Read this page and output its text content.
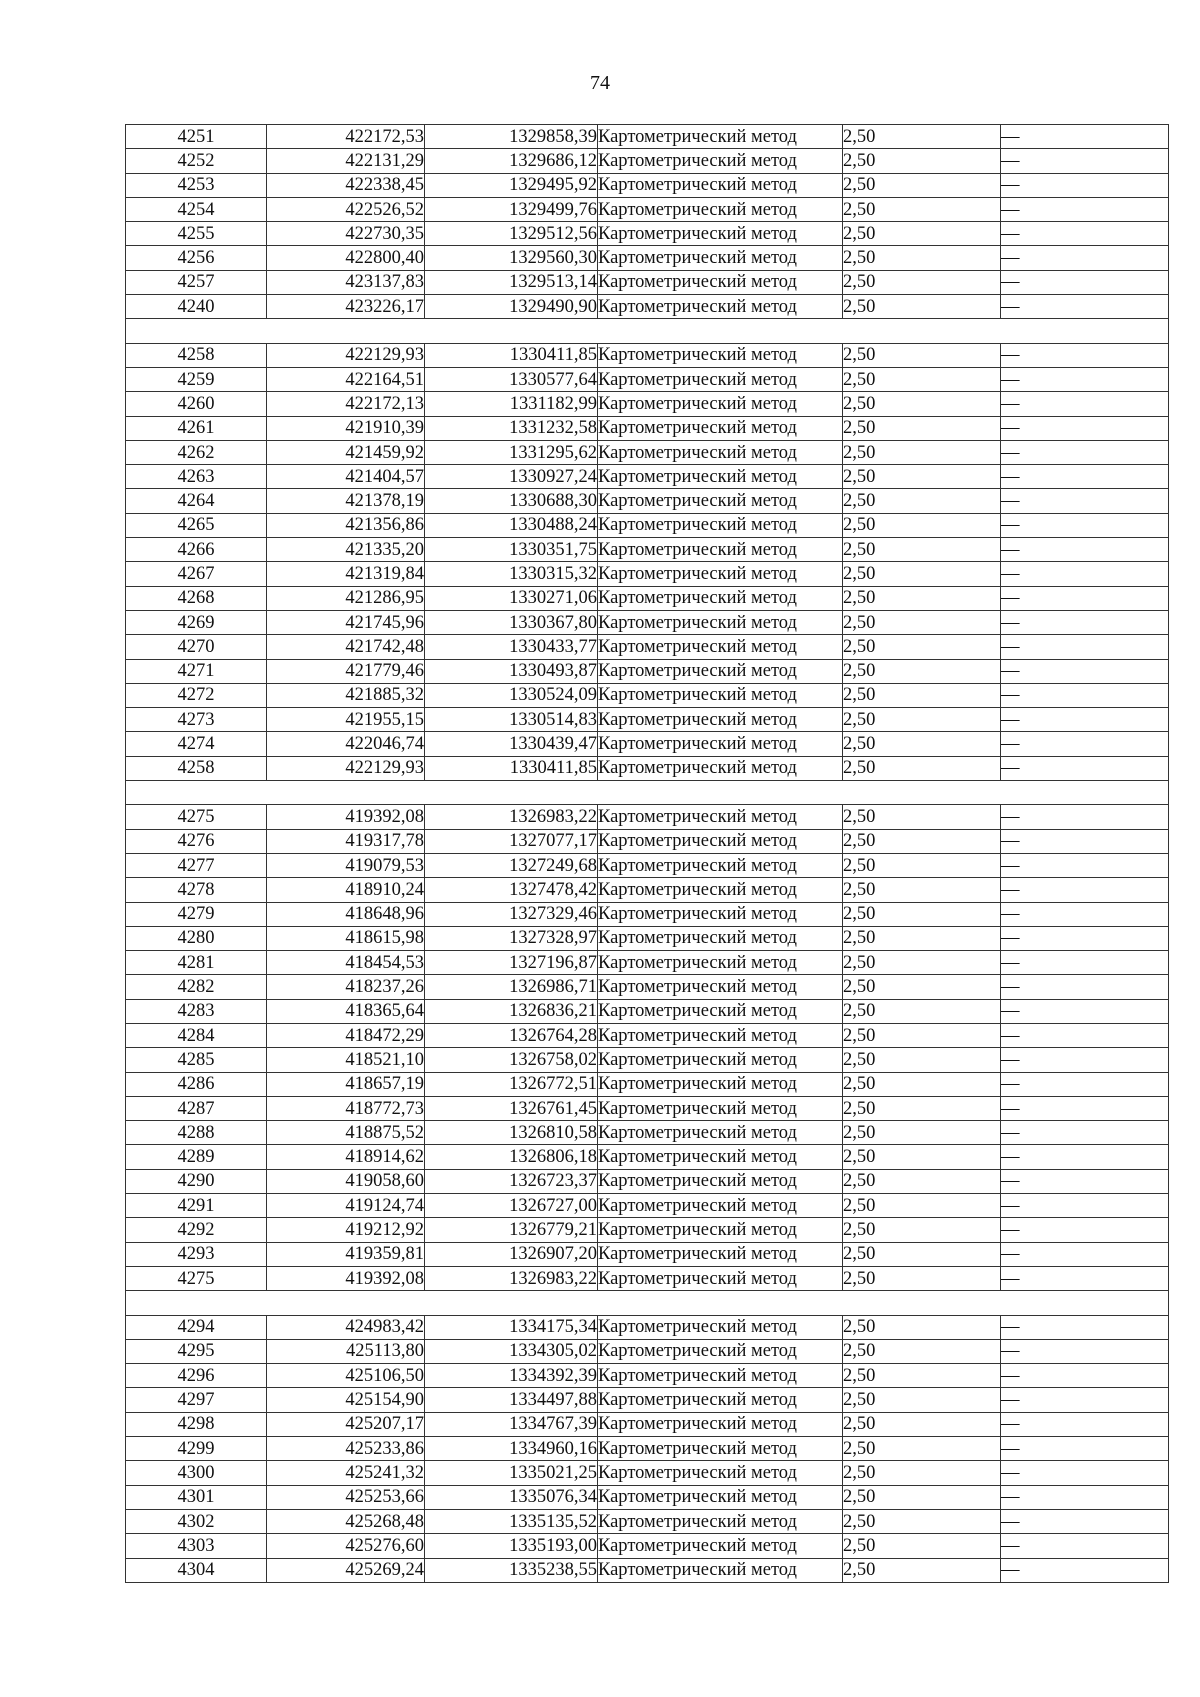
74
4251	422172,53	1329858,39	Картометрический метод	2,50	—
4252	422131,29	1329686,12	Картометрический метод	2,50	—
4253	422338,45	1329495,92	Картометрический метод	2,50	—
4254	422526,52	1329499,76	Картометрический метод	2,50	—
4255	422730,35	1329512,56	Картометрический метод	2,50	—
4256	422800,40	1329560,30	Картометрический метод	2,50	—
4257	423137,83	1329513,14	Картометрический метод	2,50	—
4240	423226,17	1329490,90	Картометрический метод	2,50	—

4258	422129,93	1330411,85	Картометрический метод	2,50	—
4259	422164,51	1330577,64	Картометрический метод	2,50	—
4260	422172,13	1331182,99	Картометрический метод	2,50	—
4261	421910,39	1331232,58	Картометрический метод	2,50	—
4262	421459,92	1331295,62	Картометрический метод	2,50	—
4263	421404,57	1330927,24	Картометрический метод	2,50	—
4264	421378,19	1330688,30	Картометрический метод	2,50	—
4265	421356,86	1330488,24	Картометрический метод	2,50	—
4266	421335,20	1330351,75	Картометрический метод	2,50	—
4267	421319,84	1330315,32	Картометрический метод	2,50	—
4268	421286,95	1330271,06	Картометрический метод	2,50	—
4269	421745,96	1330367,80	Картометрический метод	2,50	—
4270	421742,48	1330433,77	Картометрический метод	2,50	—
4271	421779,46	1330493,87	Картометрический метод	2,50	—
4272	421885,32	1330524,09	Картометрический метод	2,50	—
4273	421955,15	1330514,83	Картометрический метод	2,50	—
4274	422046,74	1330439,47	Картометрический метод	2,50	—
4258	422129,93	1330411,85	Картометрический метод	2,50	—

4275	419392,08	1326983,22	Картометрический метод	2,50	—
4276	419317,78	1327077,17	Картометрический метод	2,50	—
4277	419079,53	1327249,68	Картометрический метод	2,50	—
4278	418910,24	1327478,42	Картометрический метод	2,50	—
4279	418648,96	1327329,46	Картометрический метод	2,50	—
4280	418615,98	1327328,97	Картометрический метод	2,50	—
4281	418454,53	1327196,87	Картометрический метод	2,50	—
4282	418237,26	1326986,71	Картометрический метод	2,50	—
4283	418365,64	1326836,21	Картометрический метод	2,50	—
4284	418472,29	1326764,28	Картометрический метод	2,50	—
4285	418521,10	1326758,02	Картометрический метод	2,50	—
4286	418657,19	1326772,51	Картометрический метод	2,50	—
4287	418772,73	1326761,45	Картометрический метод	2,50	—
4288	418875,52	1326810,58	Картометрический метод	2,50	—
4289	418914,62	1326806,18	Картометрический метод	2,50	—
4290	419058,60	1326723,37	Картометрический метод	2,50	—
4291	419124,74	1326727,00	Картометрический метод	2,50	—
4292	419212,92	1326779,21	Картометрический метод	2,50	—
4293	419359,81	1326907,20	Картометрический метод	2,50	—
4275	419392,08	1326983,22	Картометрический метод	2,50	—

4294	424983,42	1334175,34	Картометрический метод	2,50	—
4295	425113,80	1334305,02	Картометрический метод	2,50	—
4296	425106,50	1334392,39	Картометрический метод	2,50	—
4297	425154,90	1334497,88	Картометрический метод	2,50	—
4298	425207,17	1334767,39	Картометрический метод	2,50	—
4299	425233,86	1334960,16	Картометрический метод	2,50	—
4300	425241,32	1335021,25	Картометрический метод	2,50	—
4301	425253,66	1335076,34	Картометрический метод	2,50	—
4302	425268,48	1335135,52	Картометрический метод	2,50	—
4303	425276,60	1335193,00	Картометрический метод	2,50	—
4304	425269,24	1335238,55	Картометрический метод	2,50	—
